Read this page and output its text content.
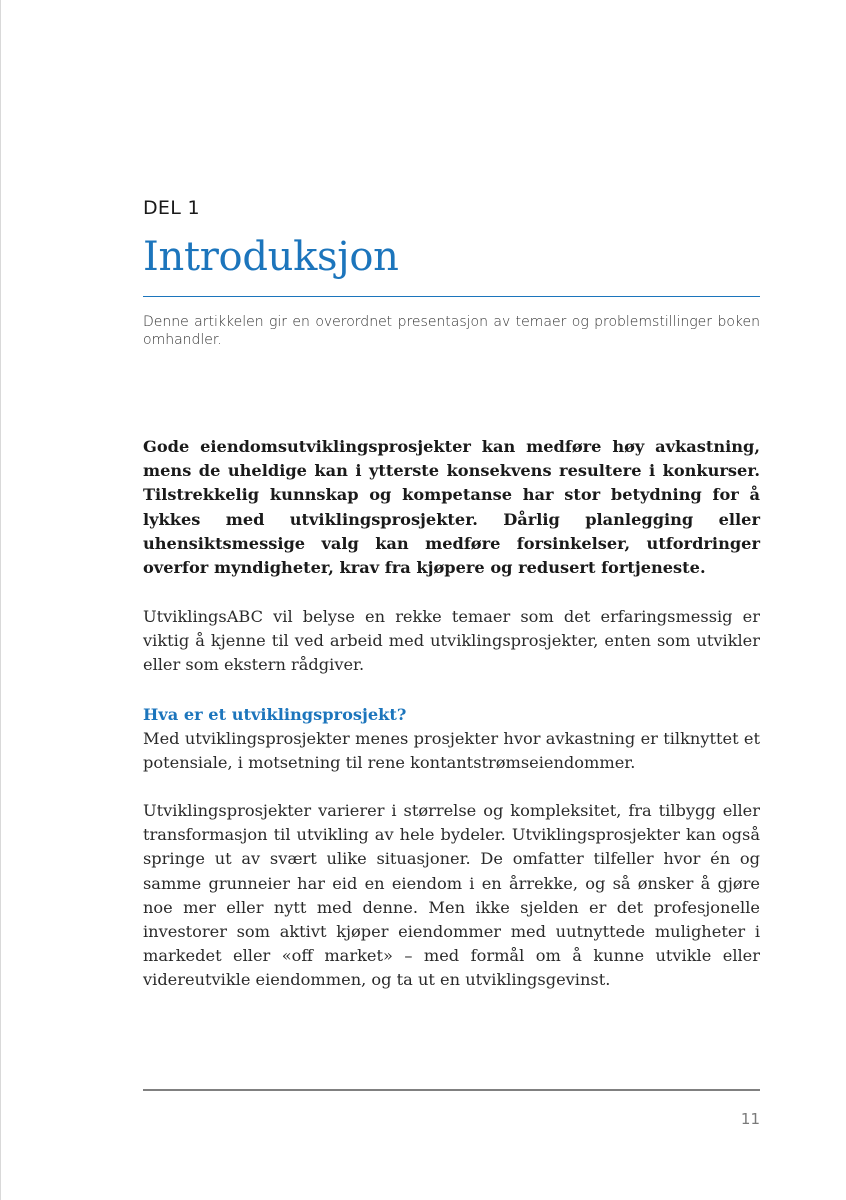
DEL 1
Introduksjon

Denne artikkelen gir en overordnet presentasjon av temaer og problemstillinger boken omhandler.

Gode eiendomsutviklingsprosjekter kan medføre høy avkastning, mens de uheldige kan i ytterste konsekvens resultere i konkurser. Tilstrekkelig kunnskap og kompetanse har stor betydning for å lykkes med utviklingsprosjekter. Dårlig planlegging eller uhensiktsmessige valg kan medføre forsinkelser, utfordringer overfor myndigheter, krav fra kjøpere og redusert fortjeneste.

UtviklingsABC vil belyse en rekke temaer som det erfaringsmessig er viktig å kjenne til ved arbeid med utviklingsprosjekter, enten som utvikler eller som ekstern rådgiver.

Hva er et utviklingsprosjekt?

Med utviklingsprosjekter menes prosjekter hvor avkastning er tilknyttet et potensiale, i motsetning til rene kontantstrømseiendommer.

Utviklingsprosjekter varierer i størrelse og kompleksitet, fra tilbygg eller transformasjon til utvikling av hele bydeler. Utviklingsprosjekter kan også springe ut av svært ulike situasjoner. De omfatter tilfeller hvor én og samme grunneier har eid en eiendom i en årrekke, og så ønsker å gjøre noe mer eller nytt med denne. Men ikke sjelden er det profesjonelle investorer som aktivt kjøper eiendommer med uutnyttede muligheter i markedet eller «off market» – med formål om å kunne utvikle eller videreutvikle eiendommen, og ta ut en utviklingsgevinst.

11
